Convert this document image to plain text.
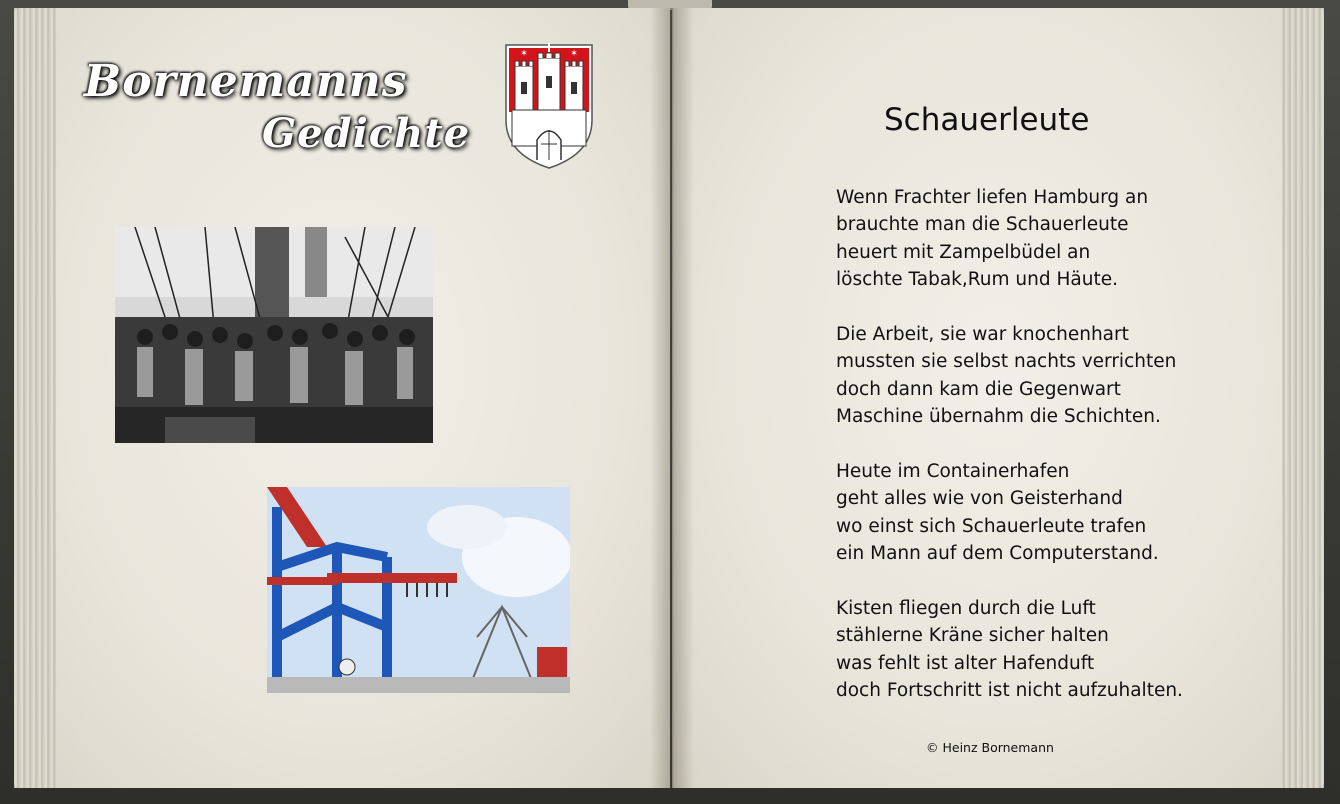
Bornemanns
Gedichte
✶	✶
Schauerleute
Wenn Frachter liefen Hamburg an
brauchte man die Schauerleute
heuert mit Zampelbüdel an
löschte Tabak,Rum und Häute.
Die Arbeit, sie war knochenhart
mussten sie selbst nachts verrichten
doch dann kam die Gegenwart
Maschine übernahm die Schichten.
Heute im Containerhafen
geht alles wie von Geisterhand
wo einst sich Schauerleute trafen
ein Mann auf dem Computerstand.
Kisten fliegen durch die Luft
stählerne Kräne sicher halten
was fehlt ist alter Hafenduft
doch Fortschritt ist nicht aufzuhalten.
© Heinz Bornemann
